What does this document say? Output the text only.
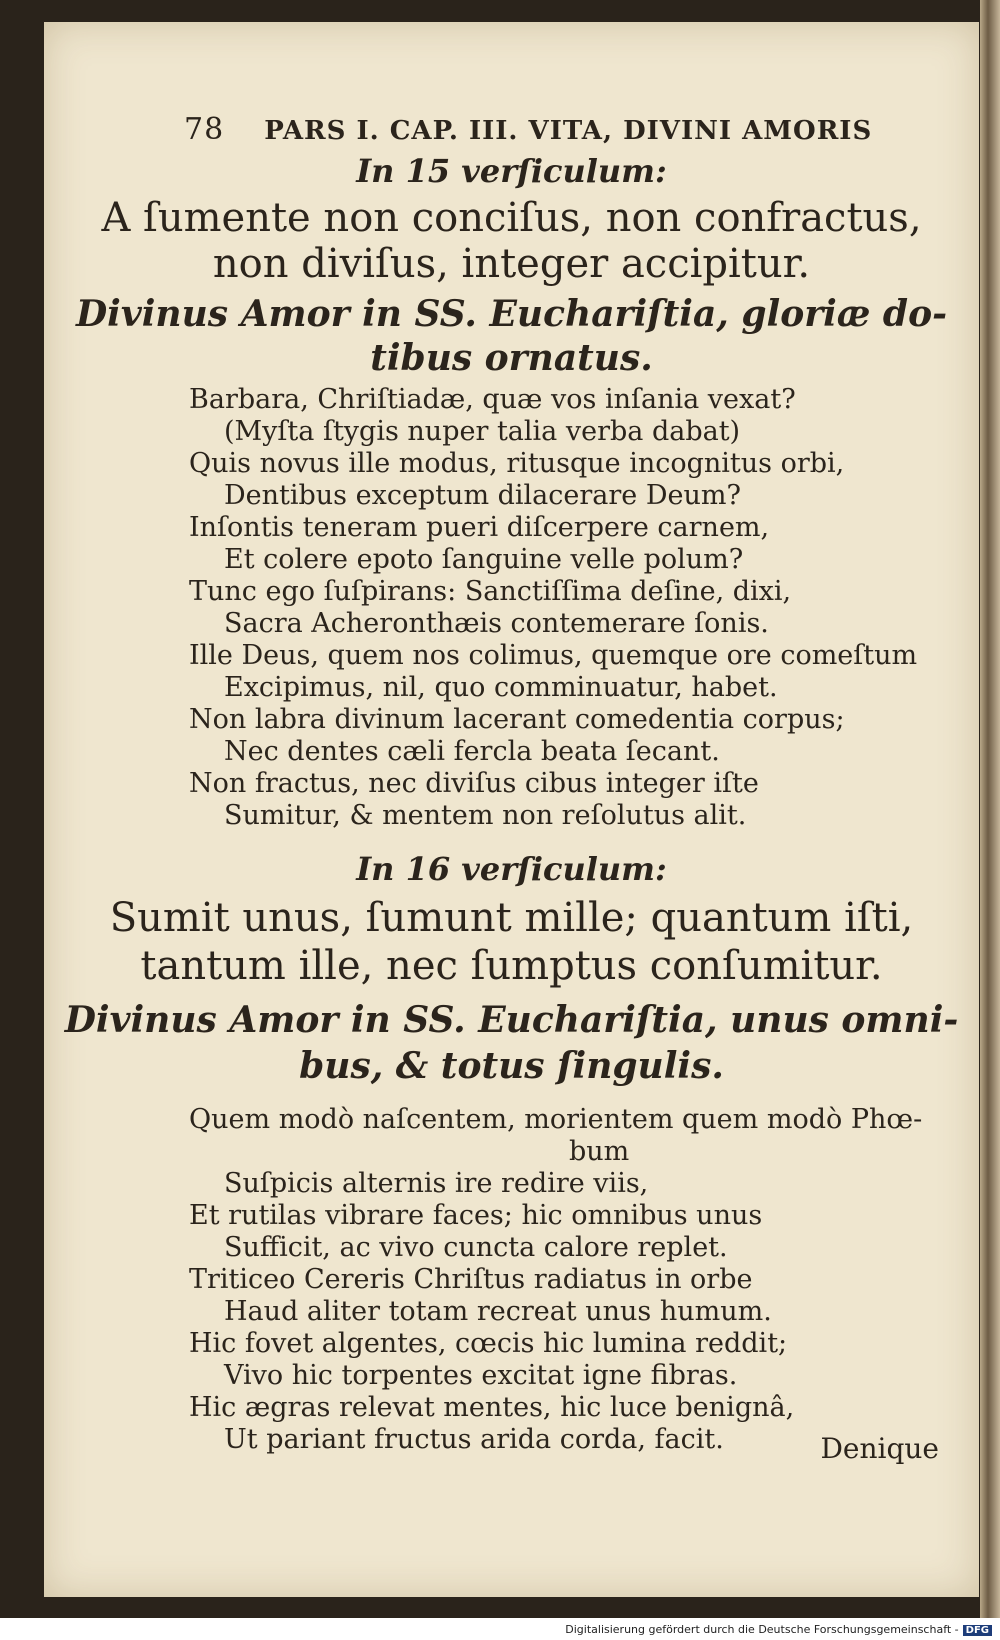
78 PARS I. CAP. III. VITA, DIVINI AMORIS
In 15 verſiculum:
A ſumente non conciſus, non confractus,
non diviſus, integer accipitur.
Divinus Amor in SS. Euchariſtia, gloriæ do-
tibus ornatus.
Barbara, Chriſtiadæ, quæ vos inſania vexat?
(Myſta ſtygis nuper talia verba dabat)
Quis novus ille modus, ritusque incognitus orbi,
Dentibus exceptum dilacerare Deum?
Inſontis teneram pueri diſcerpere carnem,
Et colere epoto ſanguine velle polum?
Tunc ego ſuſpirans: Sanctiſſima deſine, dixi,
Sacra Acheronthæis contemerare ſonis.
Ille Deus, quem nos colimus, quemque ore comeſtum
Excipimus, nil, quo comminuatur, habet.
Non labra divinum lacerant comedentia corpus;
Nec dentes cæli fercla beata ſecant.
Non fractus, nec diviſus cibus integer iſte
Sumitur, & mentem non reſolutus alit.
In 16 verſiculum:
Sumit unus, ſumunt mille; quantum iſti,
tantum ille, nec ſumptus conſumitur.
Divinus Amor in SS. Euchariſtia, unus omni-
bus, & totus ſingulis.
Quem modò naſcentem, morientem quem modò Phœ-
bum
Suſpicis alternis ire redire viis,
Et rutilas vibrare faces; hic omnibus unus
Sufficit, ac vivo cuncta calore replet.
Triticeo Cereris Chriſtus radiatus in orbe
Haud aliter totam recreat unus humum.
Hic fovet algentes, cœcis hic lumina reddit;
Vivo hic torpentes excitat igne fibras.
Hic ægras relevat mentes, hic luce benignâ,
Ut pariant fructus arida corda, facit.	Denique
Digitalisierung gefördert durch die Deutsche Forschungsgemeinschaft - DFG
